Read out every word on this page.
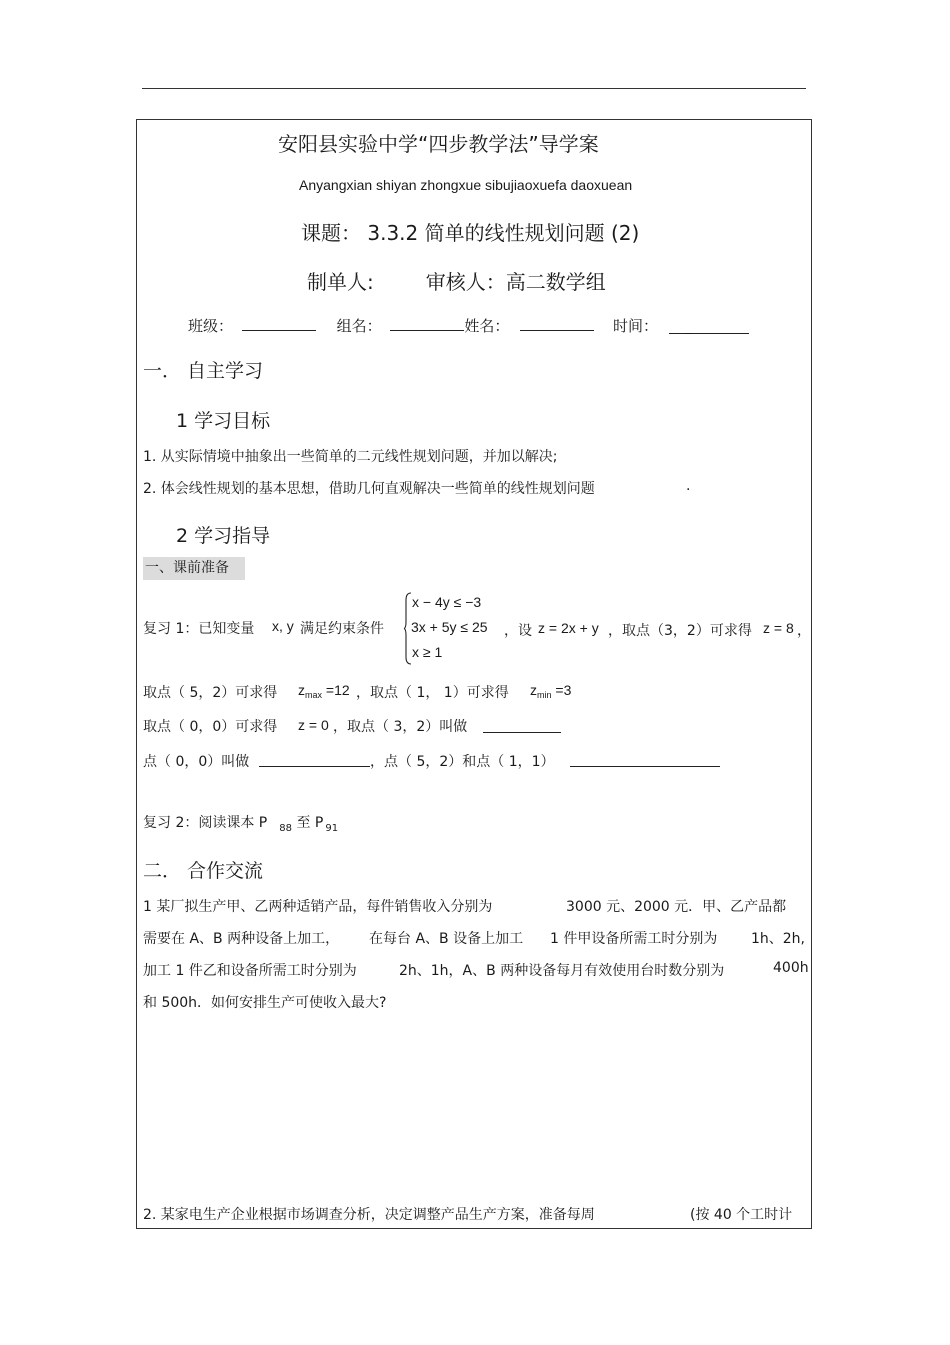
安阳县实验中学“四步教学法”导学案
Anyangxian shiyan zhongxue sibujiaoxuefa daoxuean
课题： 3.3.2 简单的线性规划问题 (2)
制单人:	审核人：高二数学组
班级：	组名：	姓名：	时间： _
一． 自主学习
1 学习目标
1. 从实际情境中抽象出一些简单的二元线性规划问题，并加以解决;
2. 体会线性规划的基本思想，借助几何直观解决一些简单的线性规划问题	.
2 学习指导
一、课前准备
复习 1：已知变量 x, y 满足约束条件
x − 4y ≤ −3
3x + 5y ≤ 25
x ≥ 1
，设 z = 2x + y ，取点（3，2）可求得 z = 8 ，
取点（ 5，2）可求得 $z_{max} =12$ ，取点（ 1， 1）可求得 $z_{min} =3$
取点（ 0，0）可求得 z = 0 ，取点（ 3，2）叫做
点（ 0，0）叫做	，点（ 5，2）和点（ 1，1）
复习 2：阅读课本 P $_{88}$ 至 P $_{91}$
二． 合作交流
1 某厂拟生产甲、乙两种适销产品，每件销售收入分别为	3000 元、2000 元．甲、乙产品都
需要在 A、B 两种设备上加工， 在每台 A、B 设备上加工 1 件甲设备所需工时分别为 1h、2h,
加工 1 件乙和设备所需工时分别为	2h、1h，A、B 两种设备每月有效使用台时数分别为	400h
和 500h．如何安排生产可使收入最大?
2. 某家电生产企业根据市场调查分析，决定调整产品生产方案，准备每周	(按 40 个工时计
